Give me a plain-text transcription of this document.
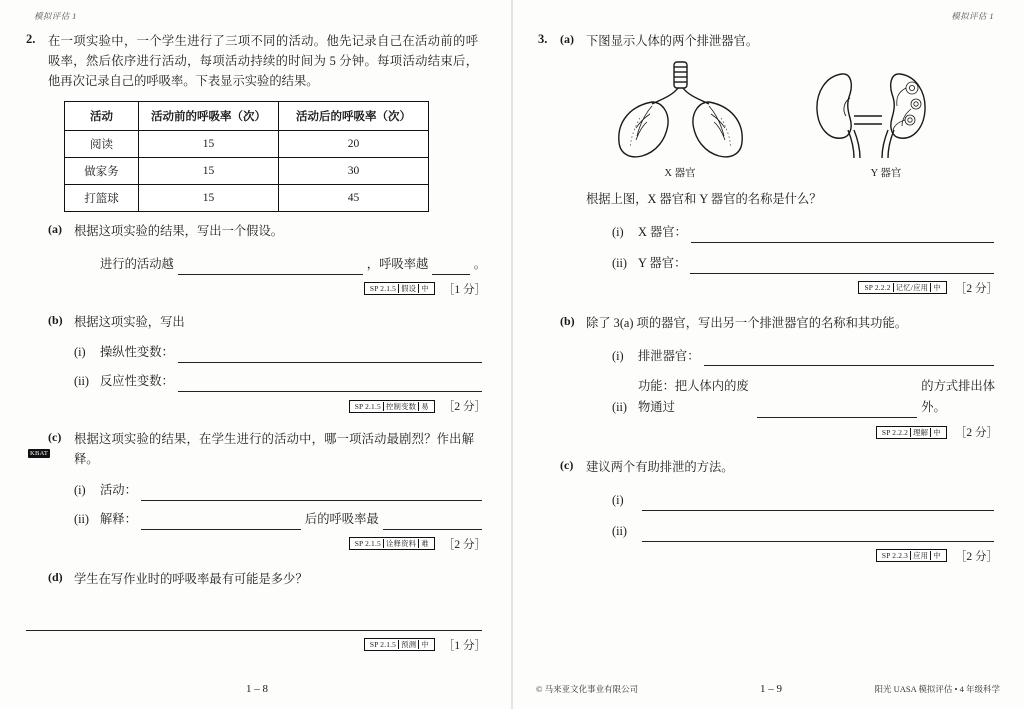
模拟评估 1
2.	在一项实验中，一个学生进行了三项不同的活动。他先记录自己在活动前的呼吸率，然后依序进行活动，每项活动持续的时间为 5 分钟。每项活动结束后，他再次记录自己的呼吸率。下表显示实验的结果。
活动	活动前的呼吸率（次）	活动后的呼吸率（次）
阅读	15	20
做家务	15	30
打篮球	15	45
(a) 根据这项实验的结果，写出一个假设。
进行的活动越	，呼吸率越	。
SP 2.1.5 假设 中 ［1 分］
(b) 根据这项实验，写出
(i)	操纵性变数：
(ii) 反应性变数：
SP 2.1.5 控制变数 易 ［2 分］
(c)	根据这项实验的结果，在学生进行的活动中，哪一项活动最剧烈？作出解释。
KBAT
(i)	活动：
(ii) 解释：	后的呼吸率最
SP 2.1.5 诠释资料 难 ［2 分］
(d) 学生在写作业时的呼吸率最有可能是多少？
SP 2.1.5 预测 中 ［1 分］
1 – 8
模拟评估 1
3.	(a) 下图显示人体的两个排泄器官。
X 器官	Y 器官
根据上图，X 器官和 Y 器官的名称是什么？
(i)	X 器官：
(ii) Y 器官：
SP 2.2.2 记忆/应用 中 ［2 分］
(b) 除了 3(a) 项的器官，写出另一个排泄器官的名称和其功能。
(i)	排泄器官：
(ii)
功能：把人体内的废物通过
的方式排出体外。
SP 2.2.2 理解 中 ［2 分］
(c)	建议两个有助排泄的方法。
(i)
(ii)
SP 2.2.3 应用 中 ［2 分］
© 马来亚文化事业有限公司	1 – 9	阳光 UASA 模拟评估 • 4 年级科学
